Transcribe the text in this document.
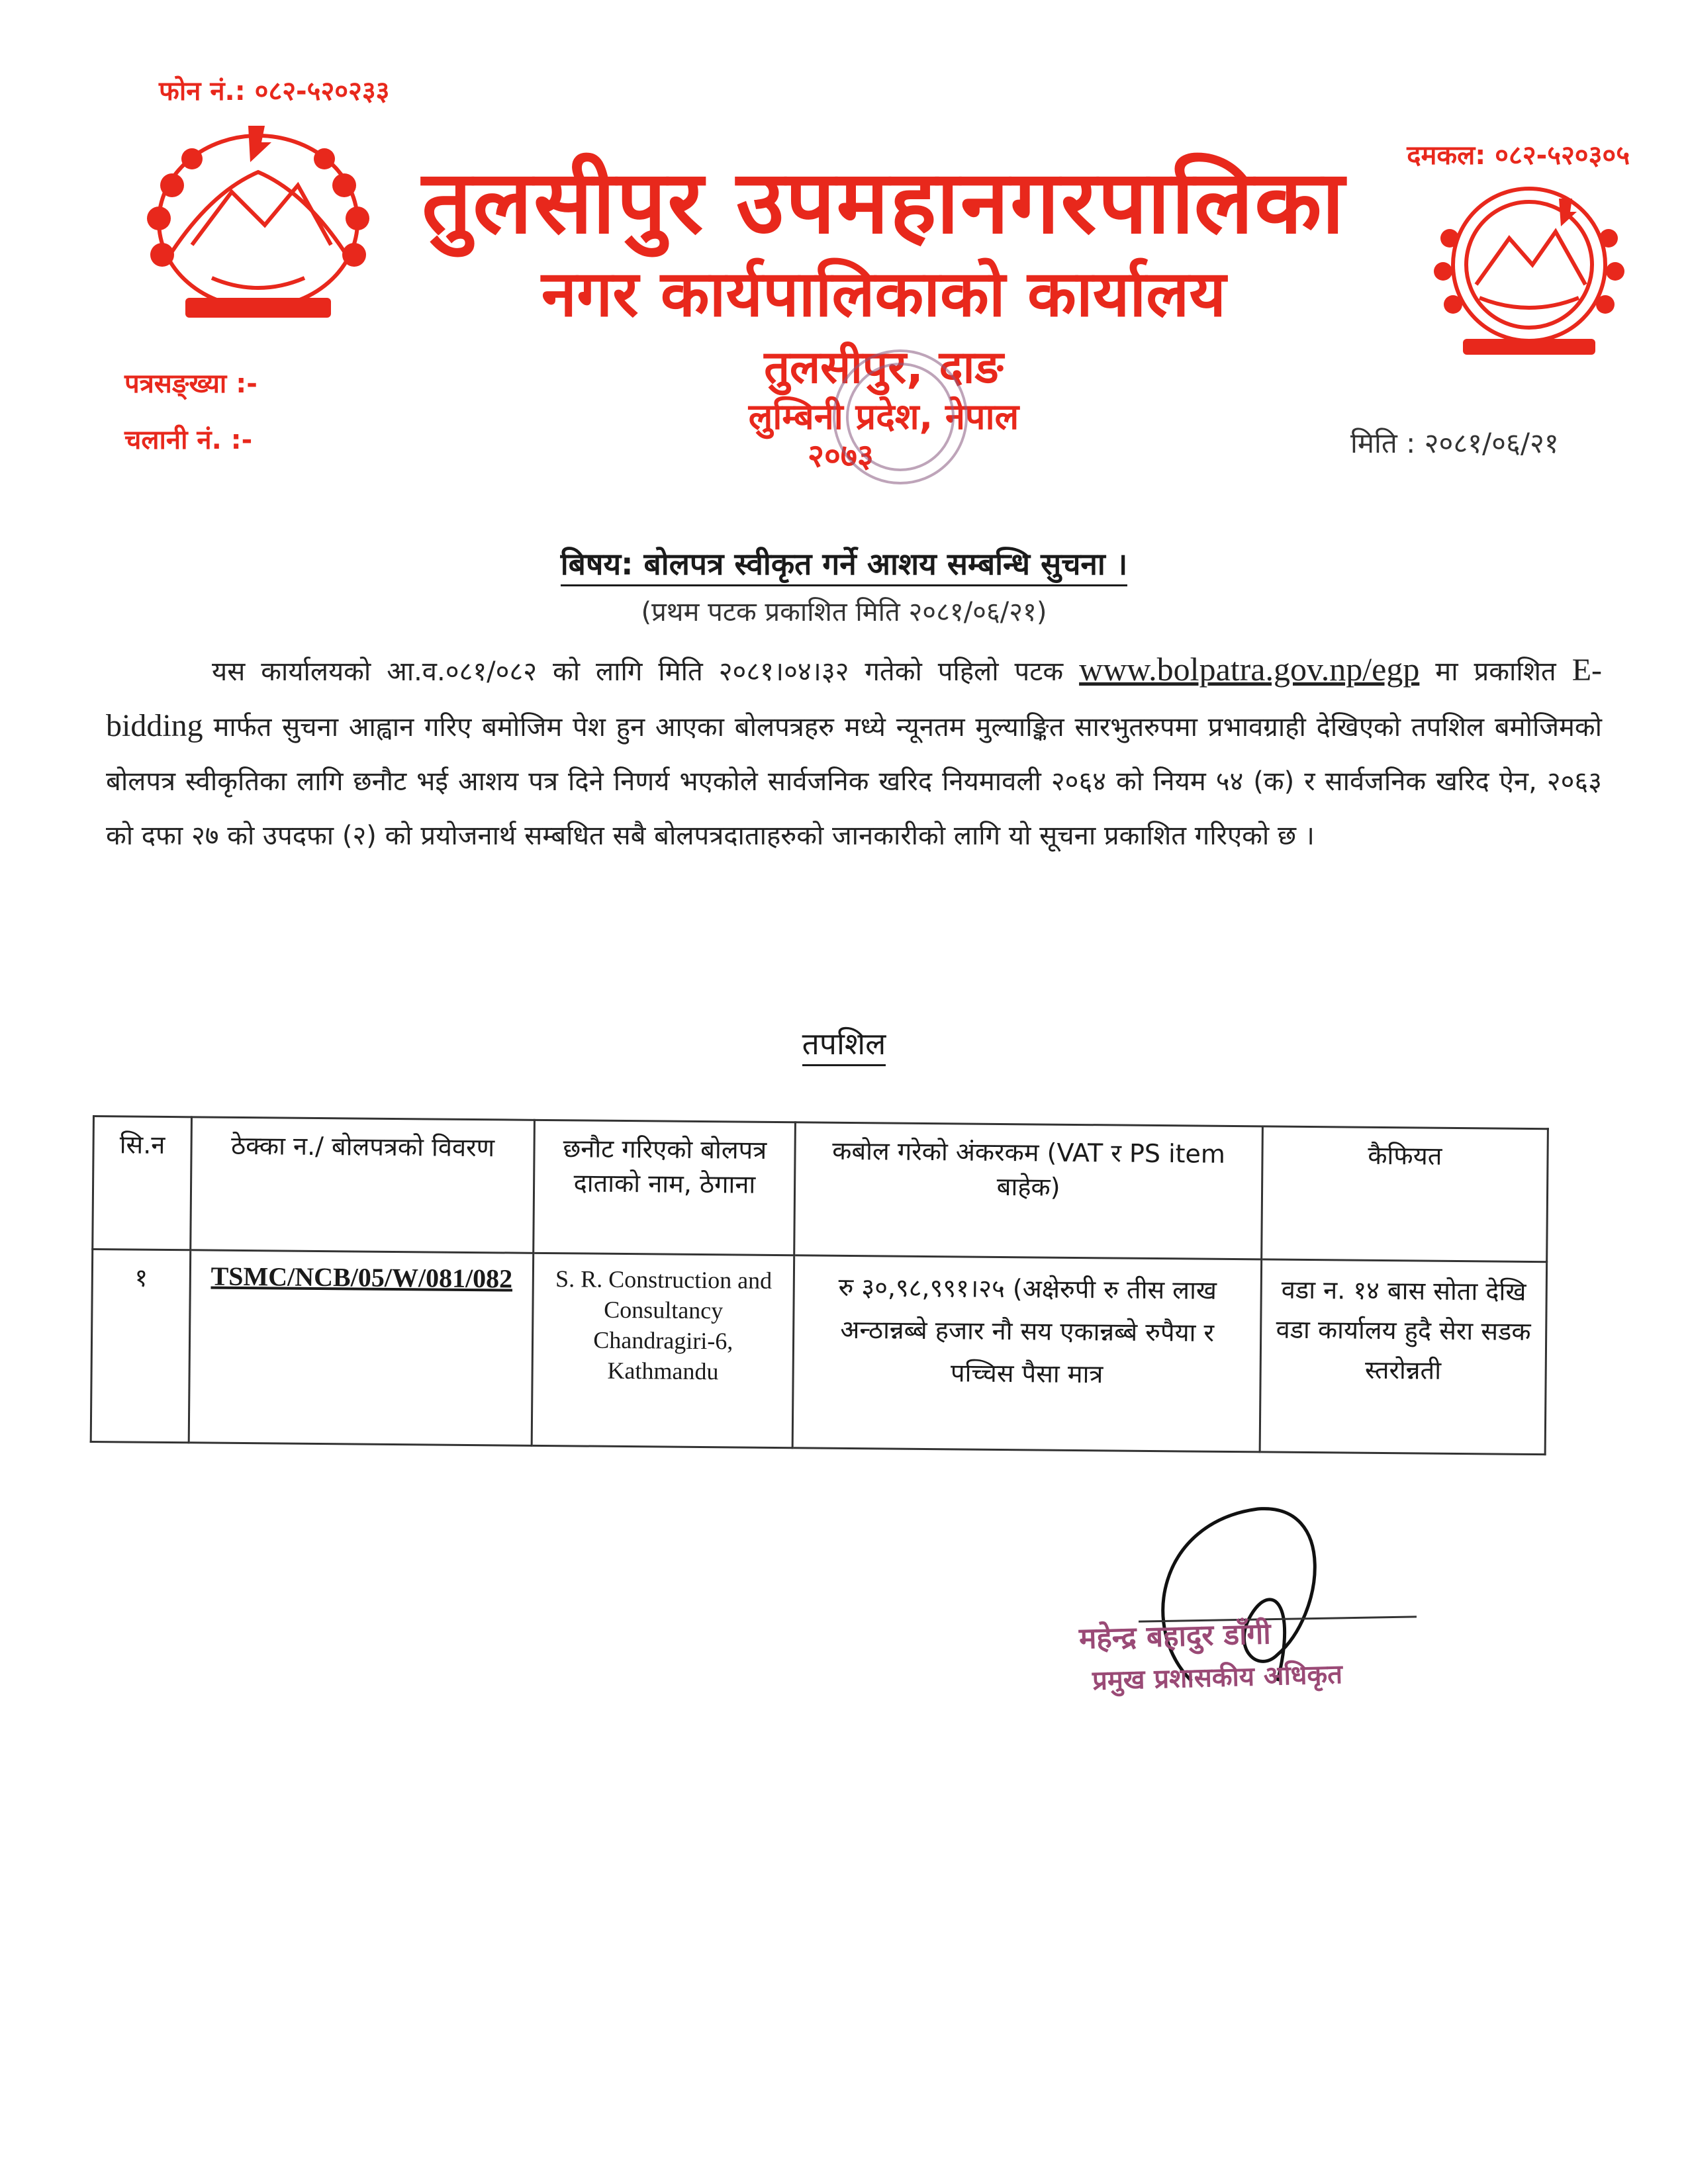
फोन नं.: ०८२-५२०२३३
दमकल: ०८२-५२०३०५
तुलसीपुर उपमहानगरपालिका
नगर कार्यपालिकाको कार्यालय
तुलसीपुर, दाङ
लुम्बिनी प्रदेश, नेपाल
२०७३
पत्रसङ्ख्या :-
चलानी नं. :-	मिति : २०८१/०६/२१
बिषय: बोलपत्र स्वीकृत गर्ने आशय सम्बन्धि सुचना ।
(प्रथम पटक प्रकाशित मिति २०८१/०६/२१)
यस कार्यालयको आ.व.०८१/०८२ को लागि मिति २०८१।०४।३२ गतेको पहिलो पटक www.bolpatra.gov.np/egp मा प्रकाशित E-bidding मार्फत सुचना आह्वान गरिए बमोजिम पेश हुन आएका बोलपत्रहरु मध्ये न्यूनतम मुल्याङ्कित सारभुतरुपमा प्रभावग्राही देखिएको तपशिल बमोजिमको बोलपत्र स्वीकृतिका लागि छनौट भई आशय पत्र दिने निणर्य भएकोले सार्वजनिक खरिद नियमावली २०६४ को नियम ५४ (क) र सार्वजनिक खरिद ऐन, २०६३ को दफा २७ को उपदफा (२) को प्रयोजनार्थ सम्बधित सबै बोलपत्रदाताहरुको जानकारीको लागि यो सूचना प्रकाशित गरिएको छ ।
तपशिल
सि.न	ठेक्का न./ बोलपत्रको विवरण	छनौट गरिएको बोलपत्र दाताको नाम, ठेगाना	कबोल गरेको अंकरकम (VAT र PS item बाहेक)	कैफियत
१	TSMC/NCB/05/W/081/082	S. R. Construction and Consultancy Chandragiri-6, Kathmandu	रु ३०,९८,९९१।२५ (अक्षेरुपी रु तीस लाख अन्ठान्नब्बे हजार नौ सय एकान्नब्बे रुपैया र पच्चिस पैसा मात्र	वडा न. १४ बास सोता देखि वडा कार्यालय हुदै सेरा सडक स्तरोन्नती
महेन्द्र बहादुर डाँगी
प्रमुख प्रशासकीय अधिकृत
